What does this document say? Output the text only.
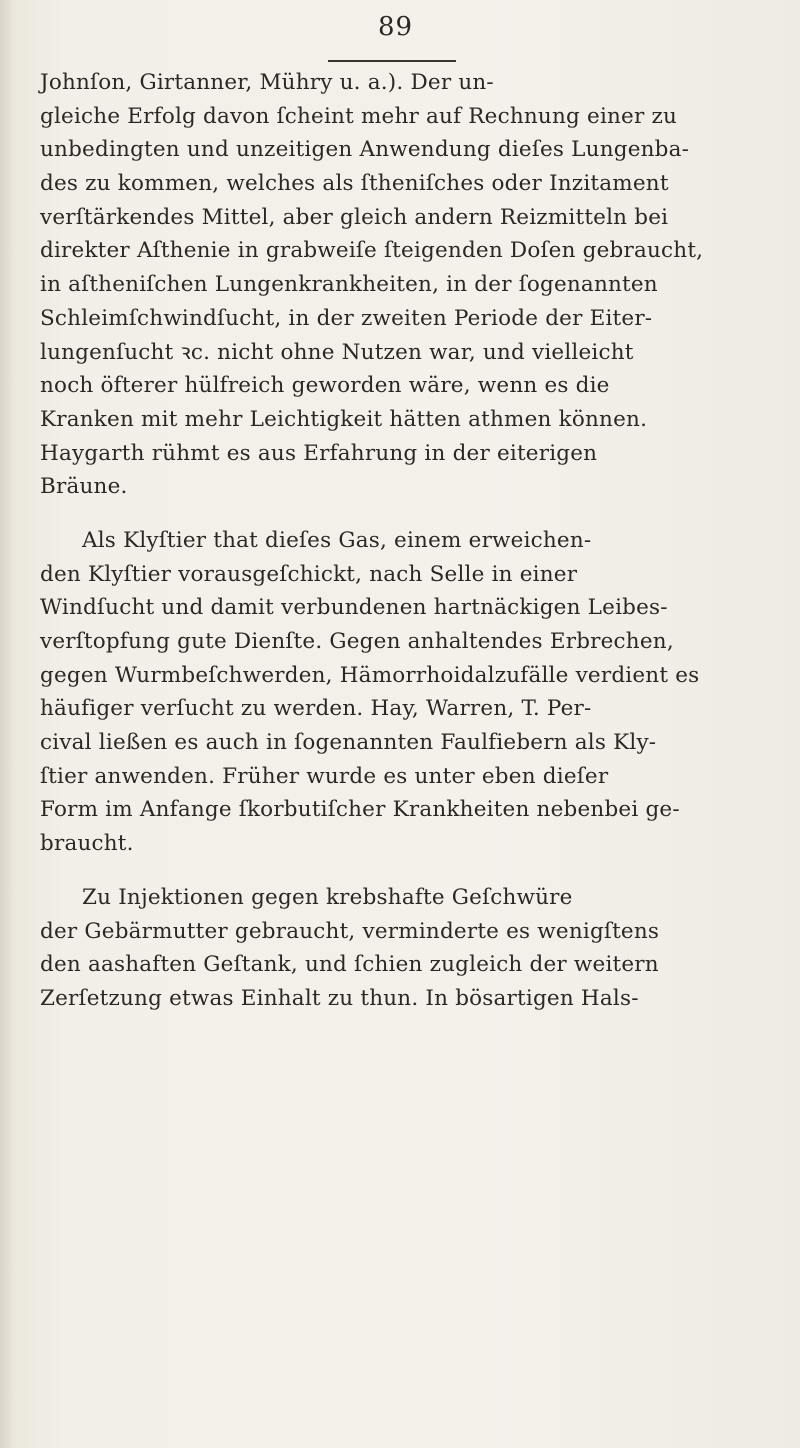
89
Johnſon, Girtanner, Mühry u. a.). Der un-
gleiche Erfolg davon ſcheint mehr auf Rechnung einer zu
unbedingten und unzeitigen Anwendung dieſes Lungenba-
des zu kommen, welches als ſtheniſches oder Inzitament
verſtärkendes Mittel, aber gleich andern Reizmitteln bei
direkter Aſthenie in grabweiſe ſteigenden Doſen gebraucht,
in aſtheniſchen Lungenkrankheiten, in der ſogenannten
Schleimſchwindſucht, in der zweiten Periode der Eiter-
lungenſucht ꝛc. nicht ohne Nutzen war, und vielleicht
noch öfterer hülfreich geworden wäre, wenn es die
Kranken mit mehr Leichtigkeit hätten athmen können.
Haygarth rühmt es aus Erfahrung in der eiterigen
Bräune.
Als Klyſtier that dieſes Gas, einem erweichen-
den Klyſtier vorausgeſchickt, nach Selle in einer
Windſucht und damit verbundenen hartnäckigen Leibes-
verſtopfung gute Dienſte. Gegen anhaltendes Erbrechen,
gegen Wurmbeſchwerden, Hämorrhoidalzufälle verdient es
häufiger verſucht zu werden. Hay, Warren, T. Per-
cival ließen es auch in ſogenannten Faulfiebern als Kly-
ſtier anwenden. Früher wurde es unter eben dieſer
Form im Anfange ſkorbutiſcher Krankheiten nebenbei ge-
braucht.
Zu Injektionen gegen krebshafte Geſchwüre
der Gebärmutter gebraucht, verminderte es wenigſtens
den aashaften Geſtank, und ſchien zugleich der weitern
Zerſetzung etwas Einhalt zu thun. In bösartigen Hals-
